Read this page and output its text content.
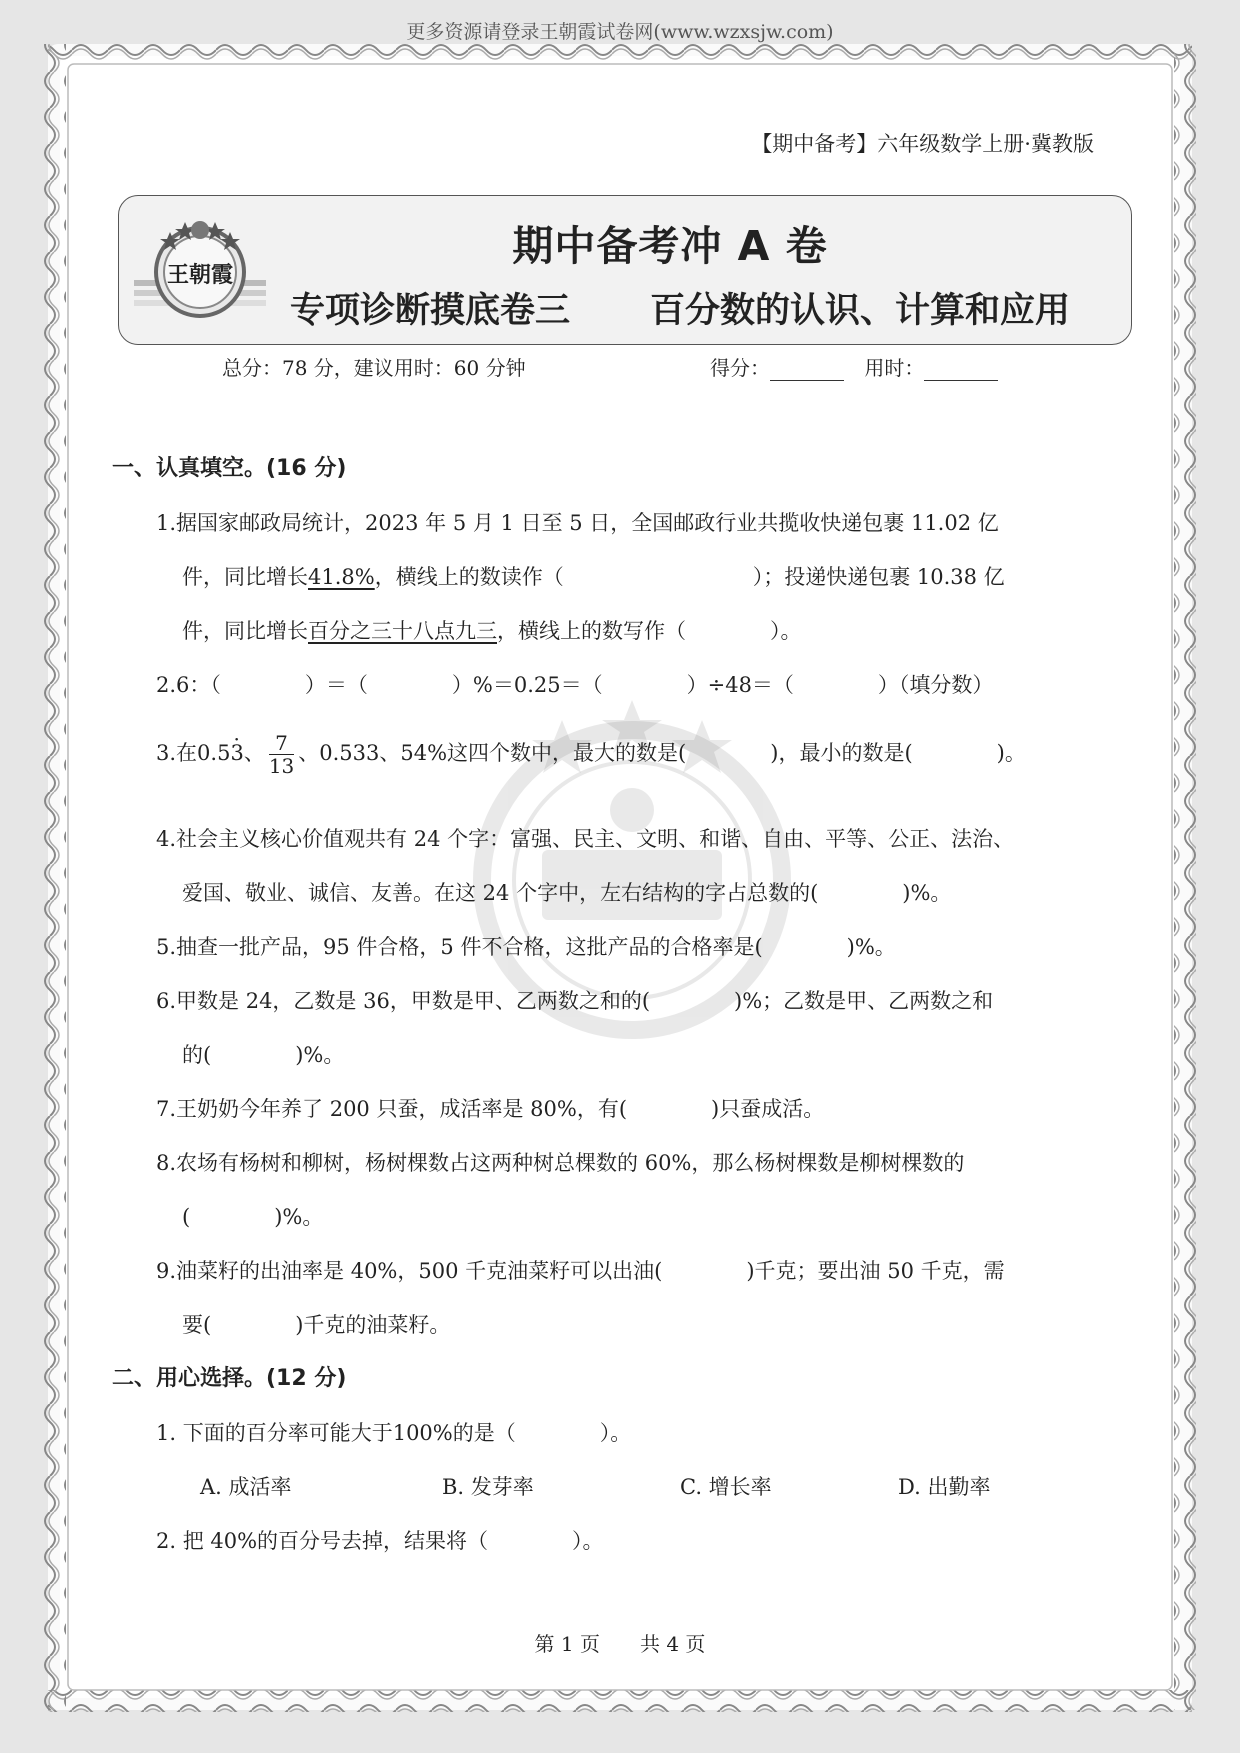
更多资源请登录王朝霞试卷网(www.wzxsjw.com)
【期中备考】六年级数学上册·冀教版
王朝霞
期中备考冲 A 卷
专项诊断摸底卷三 百分数的认识、计算和应用
总分：78 分，建议用时：60 分钟	得分：	用时：
一、认真填空。(16 分)
1.据国家邮政局统计，2023 年 5 月 1 日至 5 日，全国邮政行业共揽收快递包裹 11.02 亿
件，同比增长41.8%，横线上的数读作（　　　　　　　　　）；投递快递包裹 10.38 亿
件，同比增长百分之三十八点九三，横线上的数写作（　　　　）。
2.6：（　　　　）＝（　　　　）%＝0.25＝（　　　　）÷48＝（　　　　）（填分数）
3.在0.5· 3、 $\frac{7}{13}$ 、0.533、54%这四个数中，最大的数是(　　　　)，最小的数是(　　　　)。
4.社会主义核心价值观共有 24 个字：富强、民主、文明、和谐、自由、平等、公正、法治、
爱国、敬业、诚信、友善。在这 24 个字中，左右结构的字占总数的(　　　　)%。
5.抽查一批产品，95 件合格，5 件不合格，这批产品的合格率是(　　　　)%。
6.甲数是 24，乙数是 36，甲数是甲、乙两数之和的(　　　　)%；乙数是甲、乙两数之和
的(　　　　)%。
7.王奶奶今年养了 200 只蚕，成活率是 80%，有(　　　　)只蚕成活。
8.农场有杨树和柳树，杨树棵数占这两种树总棵数的 60%，那么杨树棵数是柳树棵数的
(　　　　)%。
9.油菜籽的出油率是 40%，500 千克油菜籽可以出油(　　　　)千克；要出油 50 千克，需
要(　　　　)千克的油菜籽。
二、用心选择。(12 分)
1. 下面的百分率可能大于100%的是（　　　　）。
A. 成活率	B. 发芽率	C. 增长率	D. 出勤率
2. 把 40%的百分号去掉，结果将（　　　　）。
第 1 页　　共 4 页
